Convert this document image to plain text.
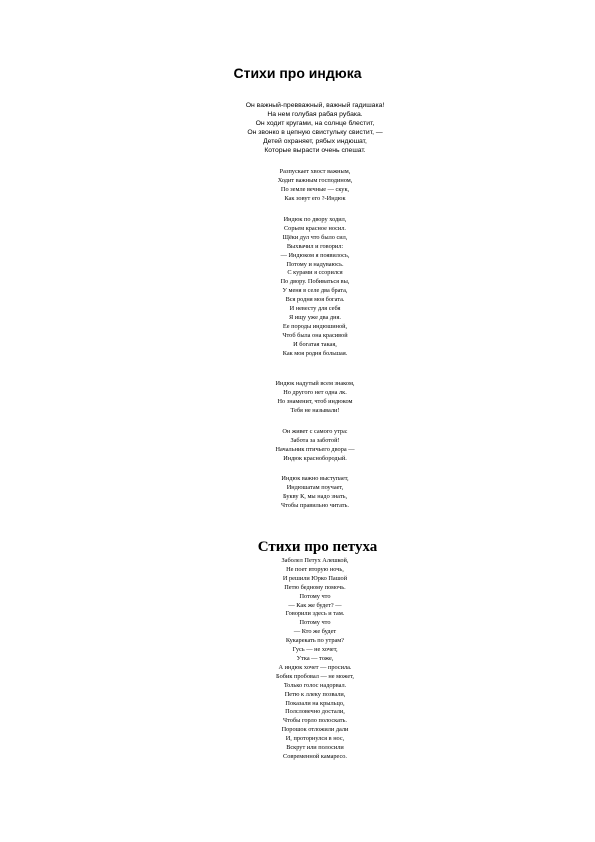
Стихи про индюка
Он важный-превважный, важный гадишака!
На нем голубая рабая рубака.
Он ходит кругами, на солнце блестит,
Он звонко в цепную свистульку свистит, —
Детей охраняет, рябых индюшат,
Которые вырасти очень спешат.
Разпускает хвост важным,
Ходит важным господином,
По земле вечные — скук,
Как зовут его ?-Индюк
Индюк по двору ходил,
Сорьем красное носил.
Щёки дул что было сил,
Выхвачил и говорил:
— Индюком я появилось,
Потому и надуваюсь.
С курами я ссорился
По двору. Побиваться вы,
У меня в селе два брата,
Вся родня моя богата.
И невесту для себя
Я ищу уже два дня.
Ее породы индюшиной,
Чтоб была она красивой
И богатая такая,
Как моя родня большая.
Индюк надутый всем знаком,
Но другого нет одна лк.
Но знаменит, чтоб индюком
Тебя не называли!
Он живет с самого утра:
Забота за заботой!
Начальник птичьего двора —
Индюк краснобородый.
Индюк важно выступает,
Индюшатам поучает,
Букву К, мы надо знать,
Чтобы правильно читать.
Стихи про петуха
Заболел Петух Алешкой,
Не поет вторую ночь,
И решили Юрко Пашой
Петю бедному помочь.
Потому что
— Как же будет? —
Говорили здесь и там.
Потому что
— Кто же будет
Кукарекать по утрам?
Гусь — не хочет,
Утка — тоже,
А индюк хочет — просила.
Бобик пробовал — не может,
Только голос надорвал.
Петю к ллеку позвали,
Показали на крыльцо,
Полсловечно достали,
Чтобы горло полоскать.
Порошок отложили дали
И, проторнулся в нос,
Вскрут или полосили
Современной камаресо.
